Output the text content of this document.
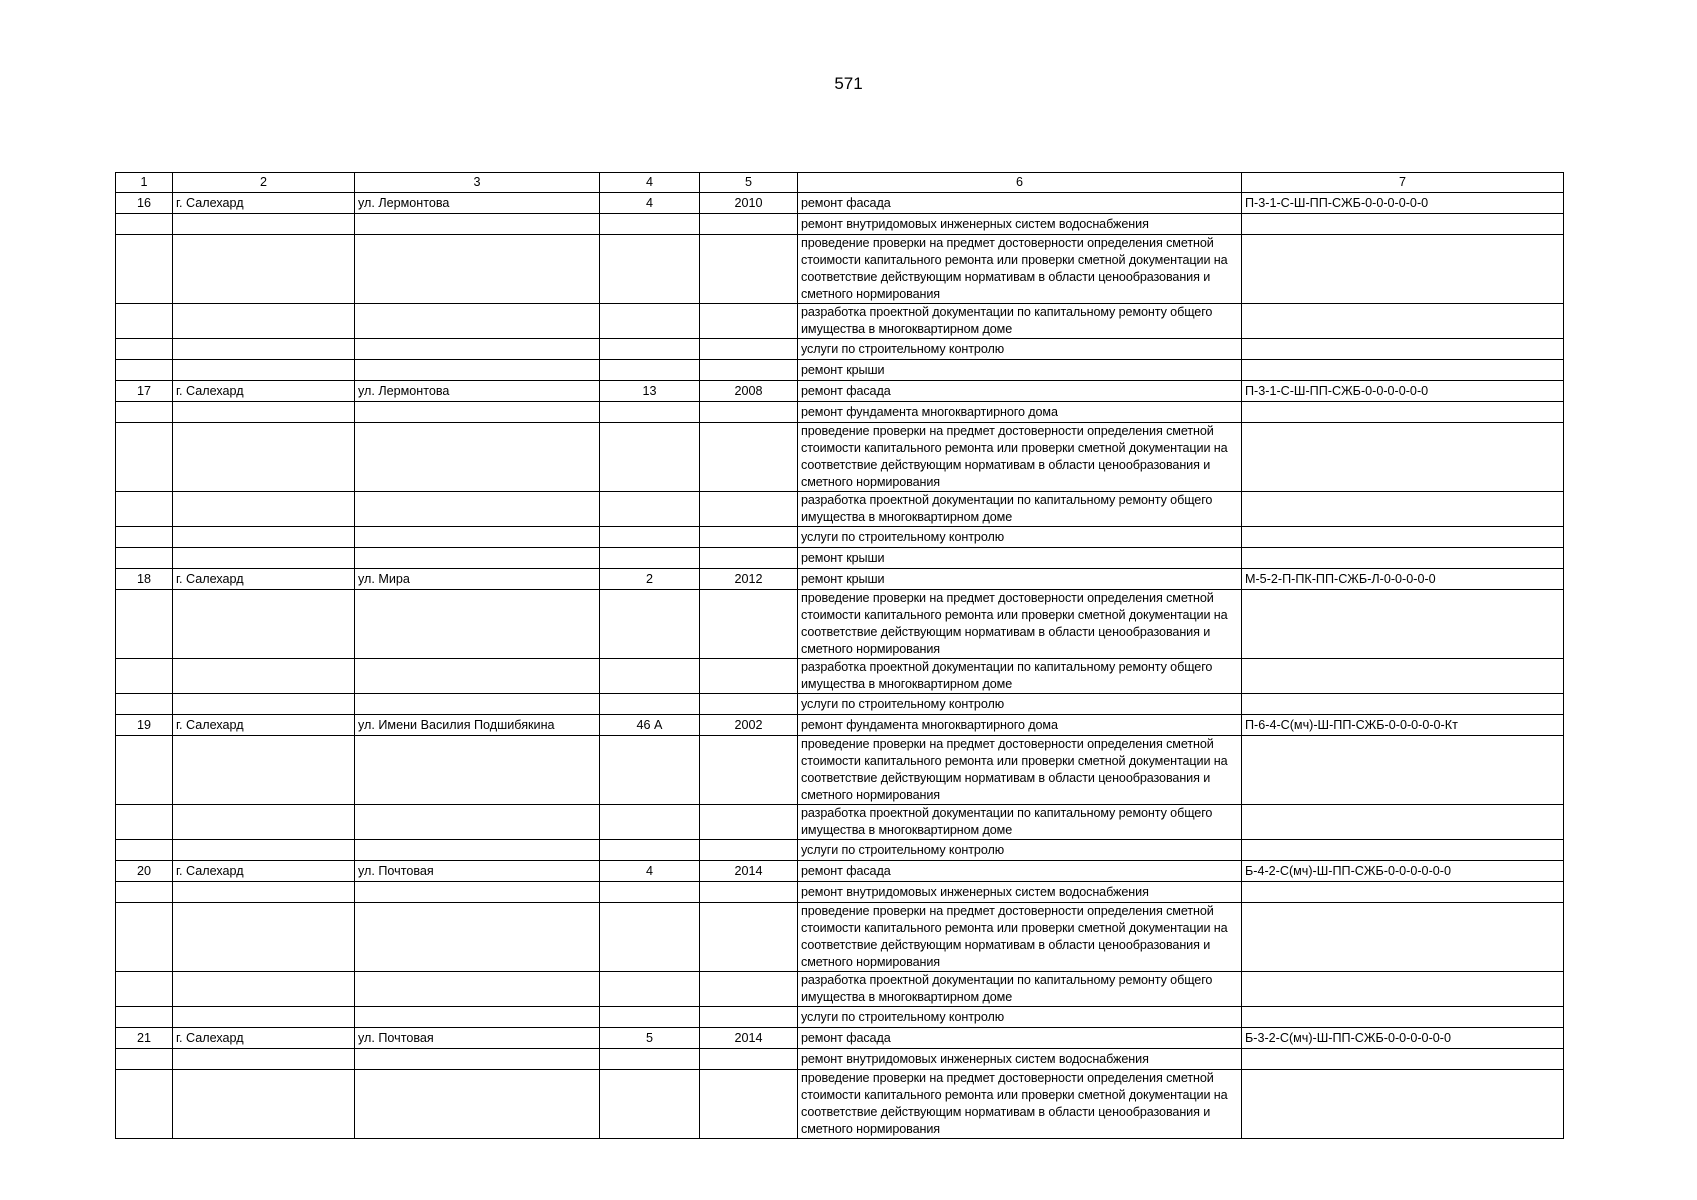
571
1	2	3	4	5	6	7
16	г. Салехард	ул. Лермонтова	4	2010	ремонт фасада	П-3-1-С-Ш-ПП-СЖБ-0-0-0-0-0-0
					ремонт внутридомовых инженерных систем водоснабжения	
					проведение проверки на предмет достоверности определения сметной стоимости капитального ремонта или проверки сметной документации на соответствие действующим нормативам в области ценообразования и сметного нормирования	
					разработка проектной документации по капитальному ремонту общего имущества в многоквартирном доме	
					услуги по строительному контролю	
					ремонт крыши	
17	г. Салехард	ул. Лермонтова	13	2008	ремонт фасада	П-3-1-С-Ш-ПП-СЖБ-0-0-0-0-0-0
					ремонт фундамента многоквартирного дома	
					проведение проверки на предмет достоверности определения сметной стоимости капитального ремонта или проверки сметной документации на соответствие действующим нормативам в области ценообразования и сметного нормирования	
					разработка проектной документации по капитальному ремонту общего имущества в многоквартирном доме	
					услуги по строительному контролю	
					ремонт крыши	
18	г. Салехард	ул. Мира	2	2012	ремонт крыши	М-5-2-П-ПК-ПП-СЖБ-Л-0-0-0-0-0
					проведение проверки на предмет достоверности определения сметной стоимости капитального ремонта или проверки сметной документации на соответствие действующим нормативам в области ценообразования и сметного нормирования	
					разработка проектной документации по капитальному ремонту общего имущества в многоквартирном доме	
					услуги по строительному контролю	
19	г. Салехард	ул. Имени Василия Подшибякина	46 А	2002	ремонт фундамента многоквартирного дома	П-6-4-С(мч)-Ш-ПП-СЖБ-0-0-0-0-0-Кт
					проведение проверки на предмет достоверности определения сметной стоимости капитального ремонта или проверки сметной документации на соответствие действующим нормативам в области ценообразования и сметного нормирования	
					разработка проектной документации по капитальному ремонту общего имущества в многоквартирном доме	
					услуги по строительному контролю	
20	г. Салехард	ул. Почтовая	4	2014	ремонт фасада	Б-4-2-С(мч)-Ш-ПП-СЖБ-0-0-0-0-0-0
					ремонт внутридомовых инженерных систем водоснабжения	
					проведение проверки на предмет достоверности определения сметной стоимости капитального ремонта или проверки сметной документации на соответствие действующим нормативам в области ценообразования и сметного нормирования	
					разработка проектной документации по капитальному ремонту общего имущества в многоквартирном доме	
					услуги по строительному контролю	
21	г. Салехард	ул. Почтовая	5	2014	ремонт фасада	Б-3-2-С(мч)-Ш-ПП-СЖБ-0-0-0-0-0-0
					ремонт внутридомовых инженерных систем водоснабжения	
					проведение проверки на предмет достоверности определения сметной стоимости капитального ремонта или проверки сметной документации на соответствие действующим нормативам в области ценообразования и сметного нормирования	
